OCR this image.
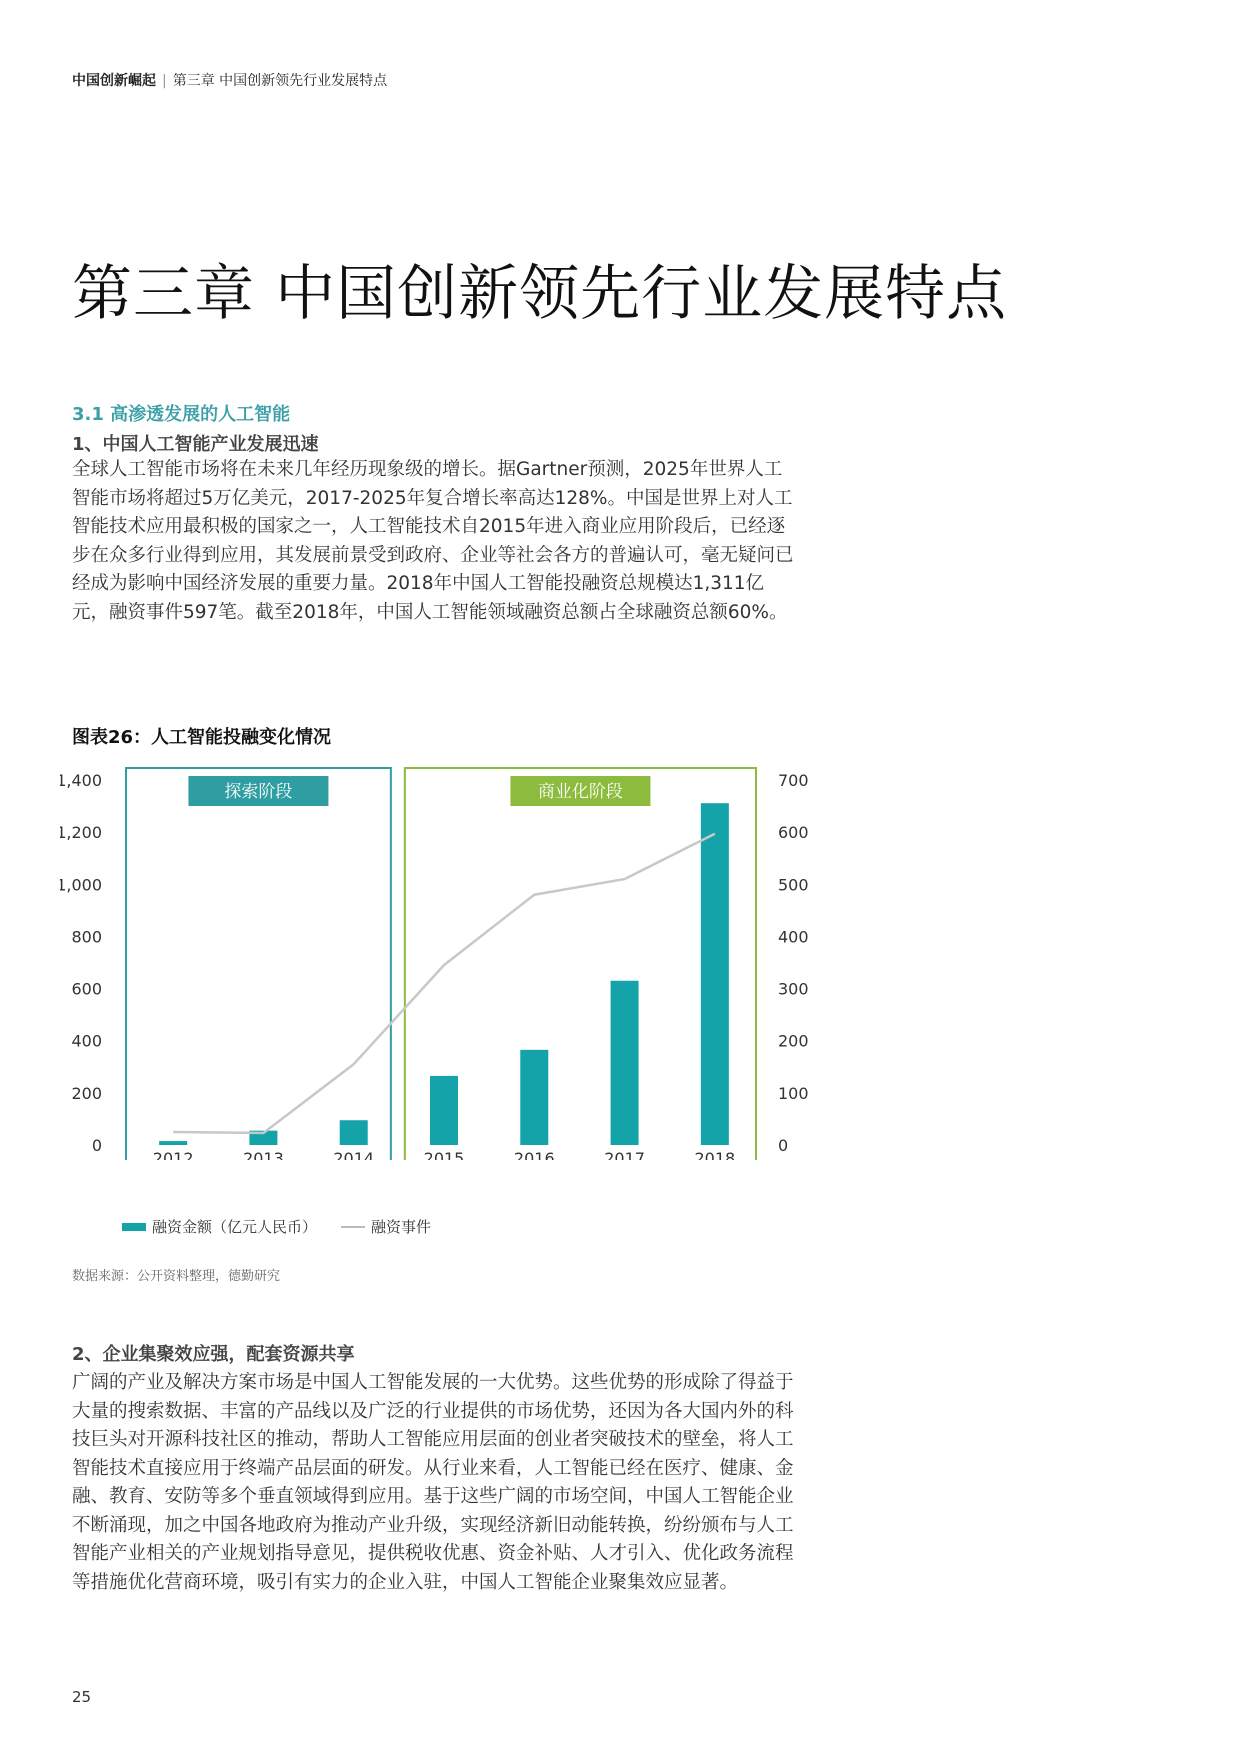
中国创新崛起 | 第三章 中国创新领先行业发展特点
第三章 中国创新领先行业发展特点
3.1 高渗透发展的人工智能
1、中国人工智能产业发展迅速

全球人工智能市场将在未来几年经历现象级的增长。据Gartner预测，2025年世界人工智能市场将超过5万亿美元，2017-2025年复合增长率高达128%。中国是世界上对人工智能技术应用最积极的国家之一，人工智能技术自2015年进入商业应用阶段后，已经逐步在众多行业得到应用，其发展前景受到政府、企业等社会各方的普遍认可，毫无疑问已经成为影响中国经济发展的重要力量。2018年中国人工智能投融资总规模达1,311亿元，融资事件597笔。截至2018年，中国人工智能领域融资总额占全球融资总额60%。

图表26：人工智能投融变化情况
探索阶段	商业化阶段
0
200
400
600
800
1,000
1,200
1,400
0
100
200
300
400
500
600
700
2012	2013	2014	2015	2016	2017	2018
融资金额（亿元人民币）	融资事件
数据来源：公开资料整理，德勤研究
2、企业集聚效应强，配套资源共享

广阔的产业及解决方案市场是中国人工智能发展的一大优势。这些优势的形成除了得益于大量的搜索数据、丰富的产品线以及广泛的行业提供的市场优势，还因为各大国内外的科技巨头对开源科技社区的推动，帮助人工智能应用层面的创业者突破技术的壁垒，将人工智能技术直接应用于终端产品层面的研发。从行业来看，人工智能已经在医疗、健康、金融、教育、安防等多个垂直领域得到应用。基于这些广阔的市场空间，中国人工智能企业不断涌现，加之中国各地政府为推动产业升级，实现经济新旧动能转换，纷纷颁布与人工智能产业相关的产业规划指导意见，提供税收优惠、资金补贴、人才引入、优化政务流程等措施优化营商环境，吸引有实力的企业入驻，中国人工智能企业聚集效应显著。

25
